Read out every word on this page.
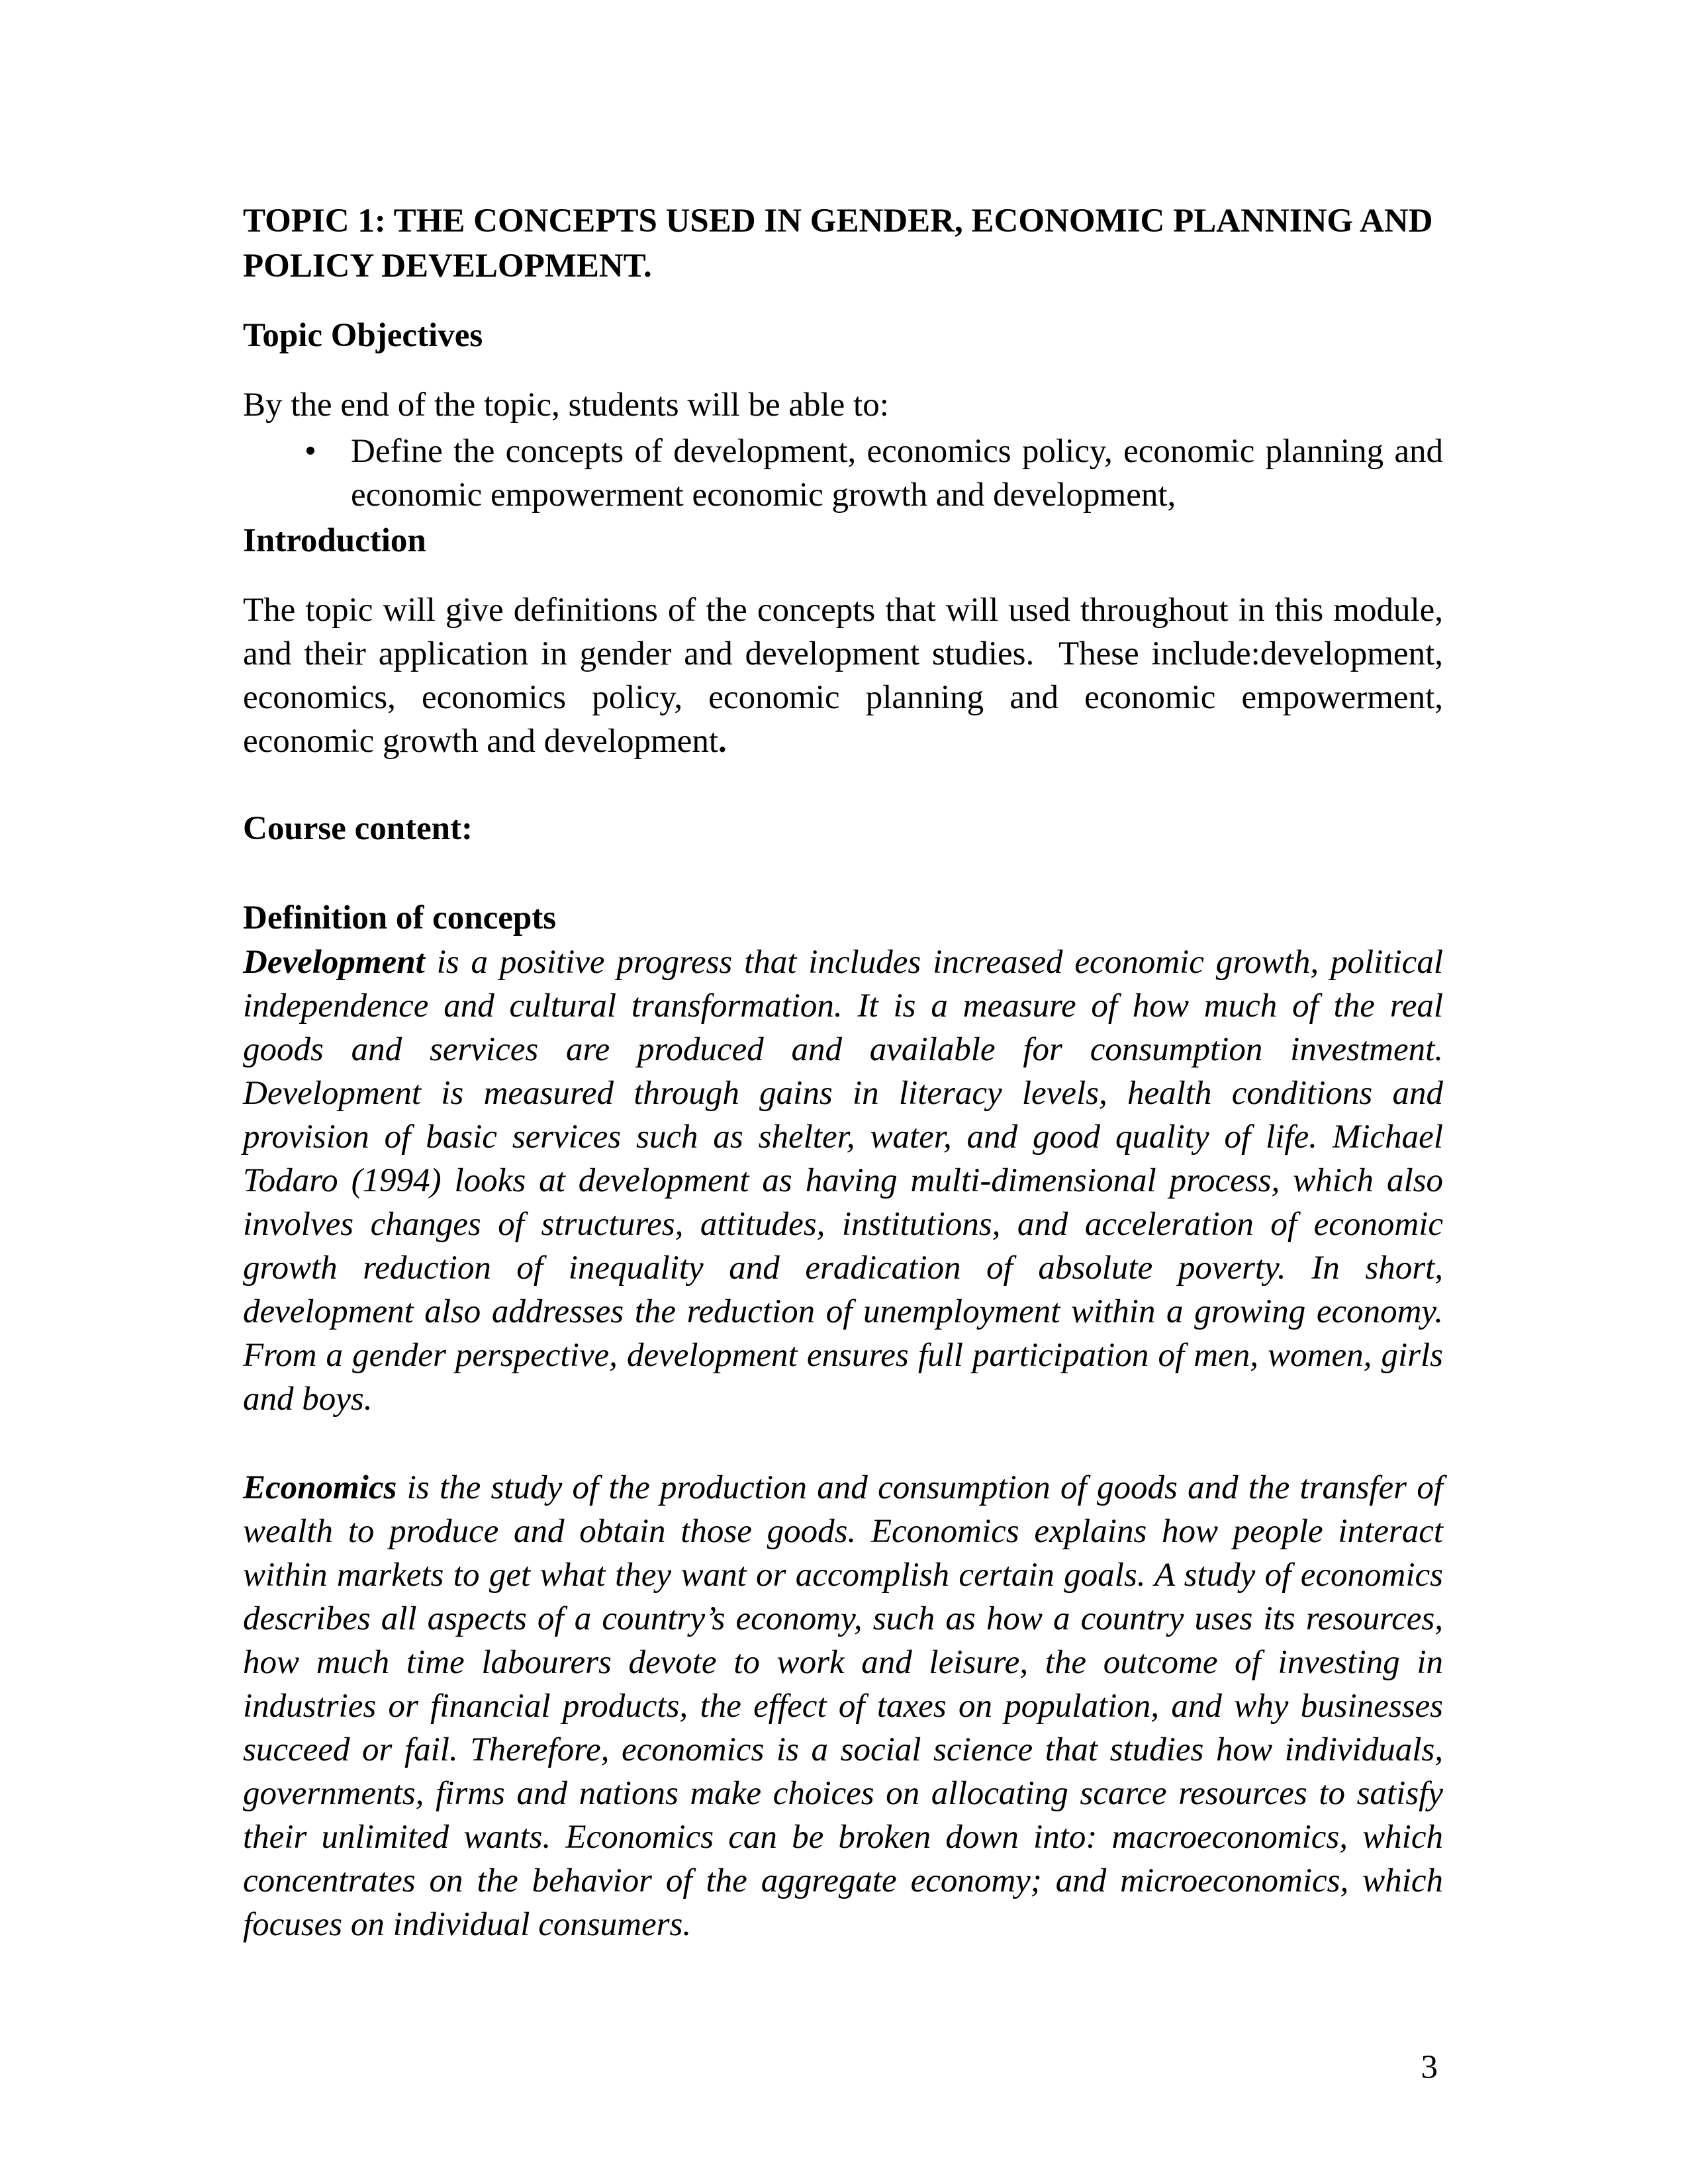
TOPIC 1: THE CONCEPTS USED IN GENDER, ECONOMIC PLANNING AND POLICY DEVELOPMENT.
Topic Objectives

By the end of the topic, students will be able to:

•	Define the concepts of development, economics policy, economic planning and economic empowerment economic growth and development,
Introduction

The topic will give definitions of the concepts that will used throughout in this module, and their application in gender and development studies.  These include:development, economics, economics policy, economic planning and economic empowerment, economic growth and development.

Course content:
Definition of concepts

Development is a positive progress that includes increased economic growth, political independence and cultural transformation. It is a measure of how much of the real goods and services are produced and available for consumption investment. Development is measured through gains in literacy levels, health conditions and provision of basic services such as shelter, water, and good quality of life. Michael Todaro (1994) looks at development as having multi-dimensional process, which also involves changes of structures, attitudes, institutions, and acceleration of economic growth reduction of inequality and eradication of absolute poverty. In short, development also addresses the reduction of unemployment within a growing economy. From a gender perspective, development ensures full participation of men, women, girls and boys.

Economics is the study of the production and consumption of goods and the transfer of wealth to produce and obtain those goods. Economics explains how people interact within markets to get what they want or accomplish certain goals. A study of economics describes all aspects of a country’s economy, such as how a country uses its resources, how much time labourers devote to work and leisure, the outcome of investing in industries or financial products, the effect of taxes on population, and why businesses succeed or fail. Therefore, economics is a social science that studies how individuals, governments, firms and nations make choices on allocating scarce resources to satisfy their unlimited wants. Economics can be broken down into: macroeconomics, which concentrates on the behavior of the aggregate economy; and microeconomics, which focuses on individual consumers.

3
